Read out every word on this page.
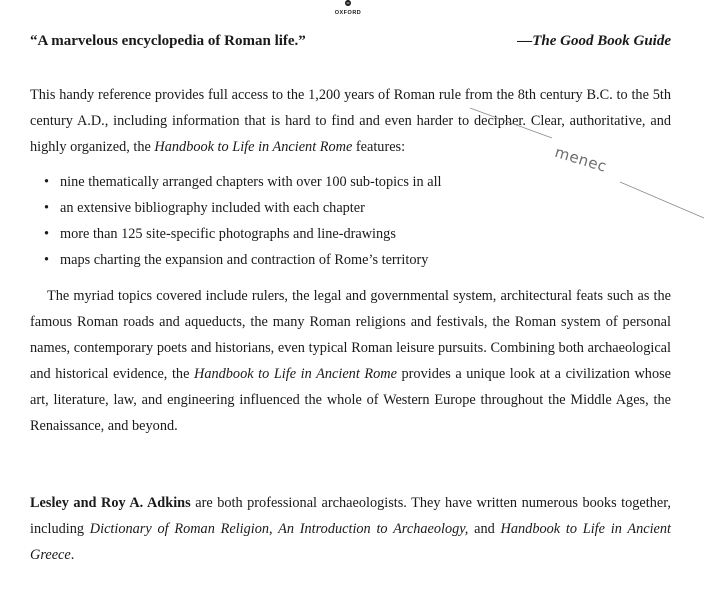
OXFORD
“A marvelous encyclopedia of Roman life.”	—The Good Book Guide

This handy reference provides full access to the 1,200 years of Roman rule from the 8th century B.C. to the 5th century A.D., including information that is hard to find and even harder to decipher. Clear, authoritative, and highly organized, the Handbook to Life in Ancient Rome features:

• nine thematically arranged chapters with over 100 sub-topics in all
• an extensive bibliography included with each chapter
• more than 125 site-specific photographs and line-drawings
• maps charting the expansion and contraction of Rome’s territory

The myriad topics covered include rulers, the legal and governmental system, architectural feats such as the famous Roman roads and aqueducts, the many Roman religions and festivals, the Roman system of personal names, contemporary poets and historians, even typical Roman leisure pursuits. Combining both archaeological and historical evidence, the Handbook to Life in Ancient Rome provides a unique look at a civilization whose art, literature, law, and engineering influenced the whole of Western Europe throughout the Middle Ages, the Renaissance, and beyond.

Lesley and Roy A. Adkins are both professional archaeologists. They have written numerous books together, including Dictionary of Roman Religion, An Introduction to Archaeology, and Handbook to Life in Ancient Greece.

menec
